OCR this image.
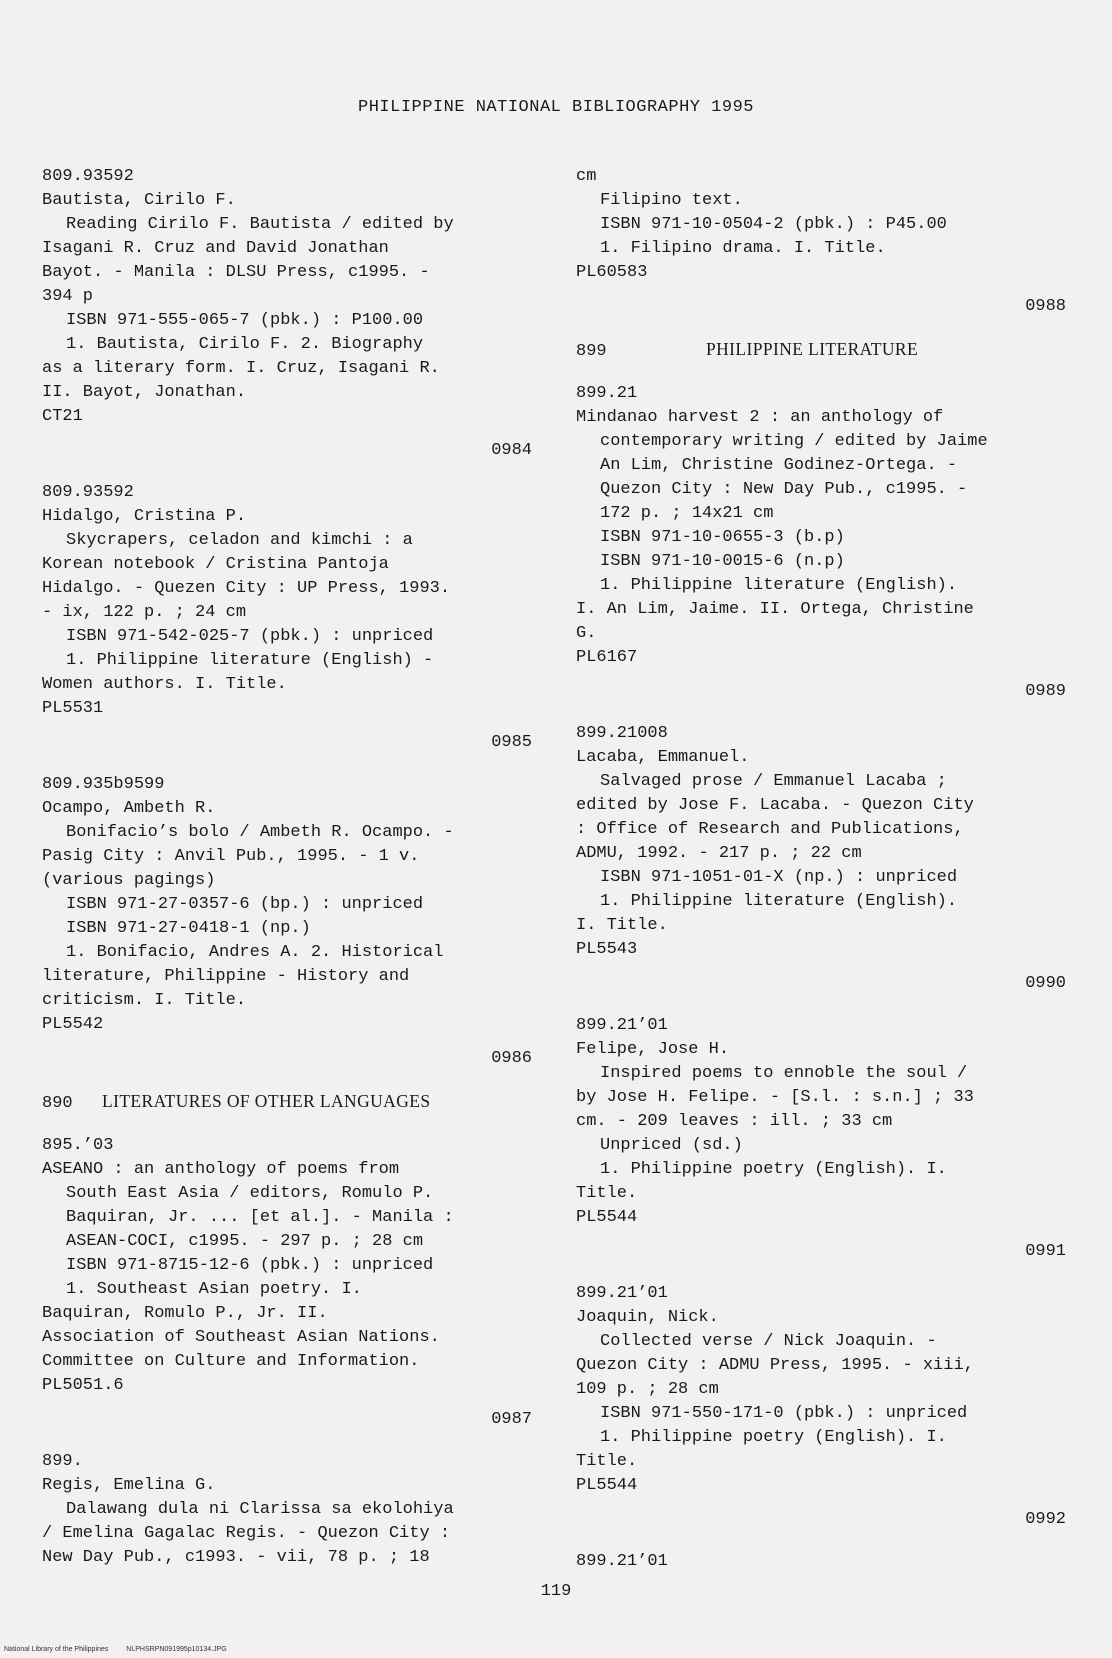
PHILIPPINE NATIONAL BIBLIOGRAPHY 1995
809.93592
Bautista, Cirilo F.
Reading Cirilo F. Bautista / edited by
Isagani R. Cruz and David Jonathan
Bayot. - Manila : DLSU Press, c1995. -
394 p
ISBN 971-555-065-7 (pbk.) : P100.00
1. Bautista, Cirilo F. 2. Biography
as a literary form. I. Cruz, Isagani R.
II. Bayot, Jonathan.
CT21
0984
809.93592
Hidalgo, Cristina P.
Skycrapers, celadon and kimchi : a
Korean notebook / Cristina Pantoja
Hidalgo. - Quezen City : UP Press, 1993.
- ix, 122 p. ; 24 cm
ISBN 971-542-025-7 (pbk.) : unpriced
1. Philippine literature (English) -
Women authors. I. Title.
PL5531
0985
809.935b9599
Ocampo, Ambeth R.
Bonifacio’s bolo / Ambeth R. Ocampo. -
Pasig City : Anvil Pub., 1995. - 1 v.
(various pagings)
ISBN 971-27-0357-6 (bp.) : unpriced
ISBN 971-27-0418-1 (np.)
1. Bonifacio, Andres A. 2. Historical
literature, Philippine - History and
criticism. I. Title.
PL5542
0986
890 LITERATURES OF OTHER LANGUAGES
895.’03
ASEANO : an anthology of poems from
South East Asia / editors, Romulo P.
Baquiran, Jr. ... [et al.]. - Manila :
ASEAN-COCI, c1995. - 297 p. ; 28 cm
ISBN 971-8715-12-6 (pbk.) : unpriced
1. Southeast Asian poetry. I.
Baquiran, Romulo P., Jr. II.
Association of Southeast Asian Nations.
Committee on Culture and Information.
PL5051.6
0987
899.
Regis, Emelina G.
Dalawang dula ni Clarissa sa ekolohiya
/ Emelina Gagalac Regis. - Quezon City :
New Day Pub., c1993. - vii, 78 p. ; 18
cm
Filipino text.
ISBN 971-10-0504-2 (pbk.) : P45.00
1. Filipino drama. I. Title.
PL60583
0988
899	PHILIPPINE LITERATURE
899.21
Mindanao harvest 2 : an anthology of
contemporary writing / edited by Jaime
An Lim, Christine Godinez-Ortega. -
Quezon City : New Day Pub., c1995. -
172 p. ; 14x21 cm
ISBN 971-10-0655-3 (b.p)
ISBN 971-10-0015-6 (n.p)
1. Philippine literature (English).
I. An Lim, Jaime. II. Ortega, Christine
G.
PL6167
0989
899.21008
Lacaba, Emmanuel.
Salvaged prose / Emmanuel Lacaba ;
edited by Jose F. Lacaba. - Quezon City
: Office of Research and Publications,
ADMU, 1992. - 217 p. ; 22 cm
ISBN 971-1051-01-X (np.) : unpriced
1. Philippine literature (English).
I. Title.
PL5543
0990
899.21’01
Felipe, Jose H.
Inspired poems to ennoble the soul /
by Jose H. Felipe. - [S.l. : s.n.] ; 33
cm. - 209 leaves : ill. ; 33 cm
Unpriced (sd.)
1. Philippine poetry (English). I.
Title.
PL5544
0991
899.21’01
Joaquin, Nick.
Collected verse / Nick Joaquin. -
Quezon City : ADMU Press, 1995. - xiii,
109 p. ; 28 cm
ISBN 971-550-171-0 (pbk.) : unpriced
1. Philippine poetry (English). I.
Title.
PL5544
0992
899.21’01
119
National Library of the Philippines	NLPHSRPN091995p10134.JPG
